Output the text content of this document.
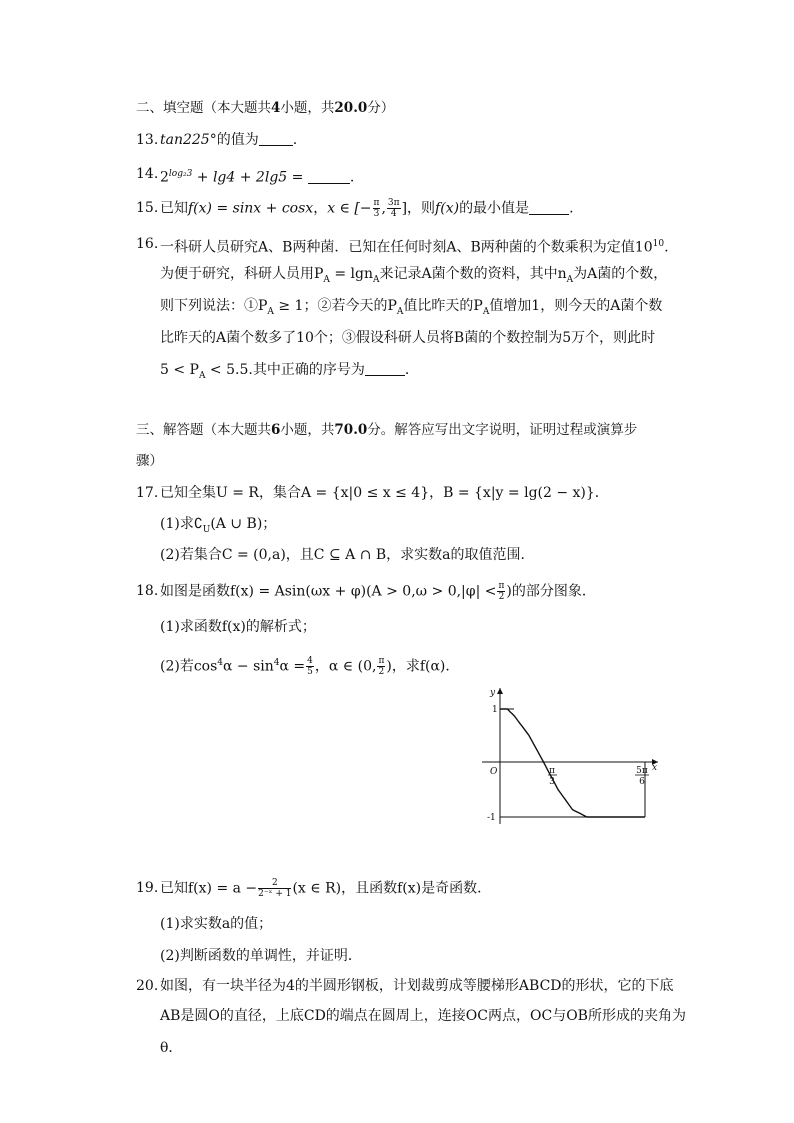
二、填空题（本大题共4小题，共20.0分）
13. tan225°的值为 .
14. $2^{log_23} + \lg 4 + 2\lg 5$ =	.
15. 已知f(x) = sinx + cosx，x ∈ [− $\frac{\pi}{3}$ , $\frac{3\pi}{4}$ ]，则f(x)的最小值是	.
16. 一科研人员研究A、B两种菌．已知在任何时刻A、B两种菌的个数乘积为定值$10^{10}$.
为便于研究，科研人员用$P_A = \lg n_A$来记录A菌个数的资料，其中$n_A$为A菌的个数，
则下列说法：$①P_A \ge 1$；②若今天的$P_A$值比昨天的$P_A$值增加1，则今天的A菌个数
比昨天的A菌个数多了10个；③假设科研人员将B菌的个数控制为5万个，则此时
$5 < P_A < 5.5$.其中正确的序号为	.
三、解答题（本大题共6小题，共70.0分。解答应写出文字说明，证明过程或演算步
骤）
17. 已知全集U = R，集合A = {x|0 ≤ x ≤ 4}，B = {x|y = lg(2 − x)}．
(1)求$∁_U(A$ ∪ B)；
(2)若集合C = (0,a)，且C ⊆ A ∩ B，求实数a的取值范围．
18. 如图是函数$f(x) = Asin(\omega x + \varphi)(A > 0,\omega > 0,|\varphi| < \frac{\pi}{2}$ )的部分图象．
(1)求函数f(x)的解析式；
(2)若$\cos^4\alpha - \sin^4\alpha = \frac{4}{5}$ ，α ∈ (0, $\frac{\pi}{2}$ )，求f(α)．
y
x
O
1
-1
π
3
5π
6
19. 已知$f(x) = a - \frac{2}{\text{2⁻ˣ + 1}} (x$ ∈ R)，且函数f(x)是奇函数．
(1)求实数a的值；
(2)判断函数的单调性，并证明．
20. 如图，有一块半径为4的半圆形钢板，计划裁剪成等腰梯形ABCD的形状，它的下底
AB是圆O的直径，上底CD的端点在圆周上，连接OC两点，OC与OB所形成的夹角为
θ．
